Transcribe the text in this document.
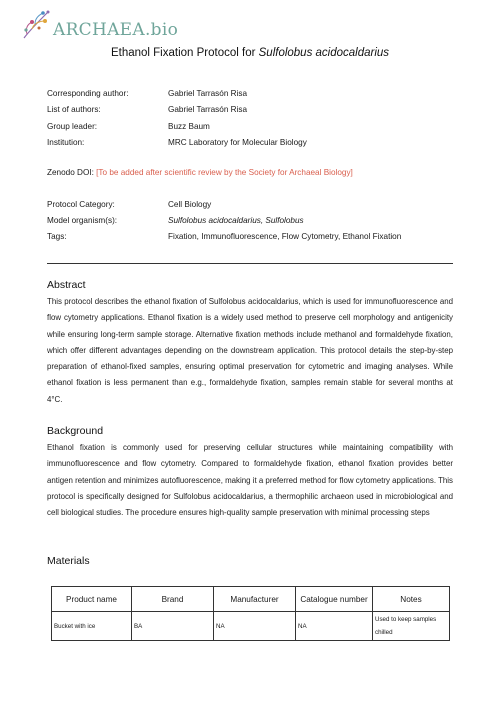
ARCHAEA.bio
Ethanol Fixation Protocol for Sulfolobus acidocaldarius
Corresponding author:	Gabriel Tarrasón Risa
List of authors:	Gabriel Tarrasón Risa
Group leader:	Buzz Baum
Institution:	MRC Laboratory for Molecular Biology
Zenodo DOI: [To be added after scientific review by the Society for Archaeal Biology]
Protocol Category:	Cell Biology
Model organism(s):	Sulfolobus acidocaldarius, Sulfolobus
Tags:	Fixation, Immunofluorescence, Flow Cytometry, Ethanol Fixation
Abstract

This protocol describes the ethanol fixation of Sulfolobus acidocaldarius, which is used for immunofluorescence and flow cytometry applications. Ethanol fixation is a widely used method to preserve cell morphology and antigenicity while ensuring long-term sample storage. Alternative fixation methods include methanol and formaldehyde fixation, which offer different advantages depending on the downstream application. This protocol details the step-by-step preparation of ethanol-fixed samples, ensuring optimal preservation for cytometric and imaging analyses. While ethanol fixation is less permanent than e.g., formaldehyde fixation, samples remain stable for several months at 4°C.

Background

Ethanol fixation is commonly used for preserving cellular structures while maintaining compatibility with immunofluorescence and flow cytometry. Compared to formaldehyde fixation, ethanol fixation provides better antigen retention and minimizes autofluorescence, making it a preferred method for flow cytometry applications. This protocol is specifically designed for Sulfolobus acidocaldarius, a thermophilic archaeon used in microbiological and cell biological studies. The procedure ensures high-quality sample preservation with minimal processing steps

Materials
Product name	Brand	Manufacturer	Catalogue number	Notes
Bucket with ice	BA	NA	NA	Used to keep samples chilled
